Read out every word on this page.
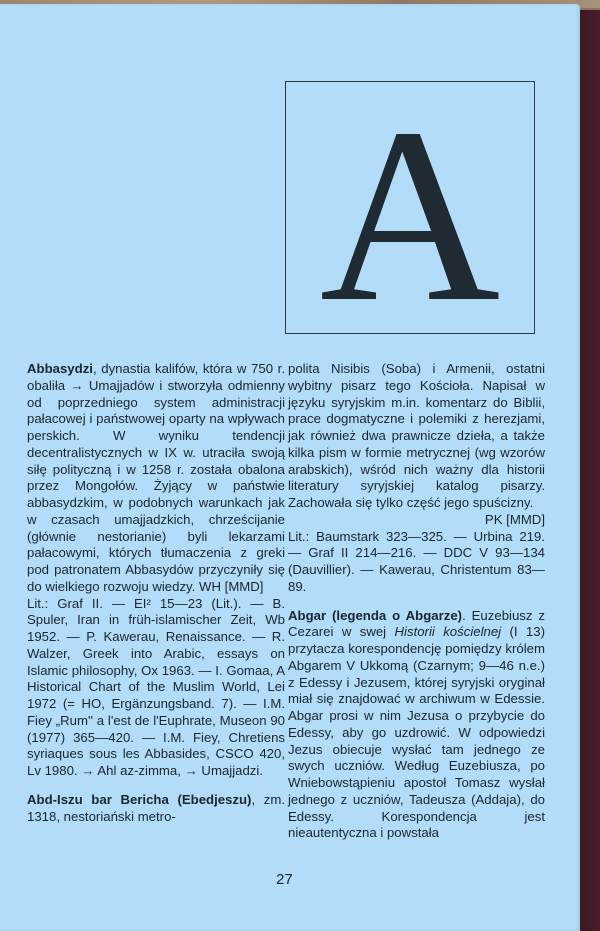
A

Abbasydzi, dynastia kalifów, która w 750 r. obaliła → Umajjadów i stworzyła odmienny od poprzedniego system administracji pałacowej i państwowej oparty na wpływach perskich. W wyniku tendencji decentralistycznych w IX w. utraciła swoją siłę polityczną i w 1258 r. została obalona przez Mongołów. Żyjący w państwie abbasydzkim, w podobnych warunkach jak w czasach umajjadzkich, chrześcijanie (głównie nestorianie) byli lekarzami pałacowymi, których tłumaczenia z greki pod patronatem Abbasydów przyczyniły się do wielkiego rozwoju wiedzy. WH [MMD]

Lit.: Graf II. — EI² 15—23 (Lit.). — B. Spuler, Iran in früh-islamischer Zeit, Wb 1952. — P. Kawerau, Renaissance. — R. Walzer, Greek into Arabic, essays on Islamic philosophy, Ox 1963. — I. Gomaa, A Historical Chart of the Muslim World, Lei 1972 (= HO, Ergänzungsband. 7). — I.M. Fiey „Rum'' a l'est de l'Euphrate, Museon 90 (1977) 365—420. — I.M. Fiey, Chretiens syriaques sous les Abbasides, CSCO 420, Lv 1980. → Ahl az-zimma, → Umajjadzi.

Abd-Iszu bar Bericha (Ebedjeszu), zm. 1318, nestoriański metro-

polita Nisibis (Soba) i Armenii, ostatni wybitny pisarz tego Kościoła. Napisał w języku syryjskim m.in. komentarz do Biblii, prace dogmatyczne i polemiki z herezjami, jak również dwa prawnicze dzieła, a także kilka pism w formie metrycznej (wg wzorów arabskich), wśród nich ważny dla historii literatury syryjskiej katalog pisarzy. Zachowała się tylko część jego spuścizny.
PK [MMD]

Lit.: Baumstark 323—325. — Urbina 219. — Graf II 214—216. — DDC V 93—134 (Dauvillier). — Kawerau, Christentum 83—89.

Abgar (legenda o Abgarze). Euzebiusz z Cezarei w swej Historii kościelnej (I 13) przytacza korespondencję pomiędzy królem Abgarem V Ukkomą (Czarnym; 9—46 n.e.) z Edessy i Jezusem, której syryjski oryginał miał się znajdować w archiwum w Edessie. Abgar prosi w nim Jezusa o przybycie do Edessy, aby go uzdrowić. W odpowiedzi Jezus obiecuje wysłać tam jednego ze swych uczniów. Według Euzebiusza, po Wniebowstąpieniu apostoł Tomasz wysłał jednego z uczniów, Tadeusza (Addaja), do Edessy. Korespondencja jest nieautentyczna i powstała

27
